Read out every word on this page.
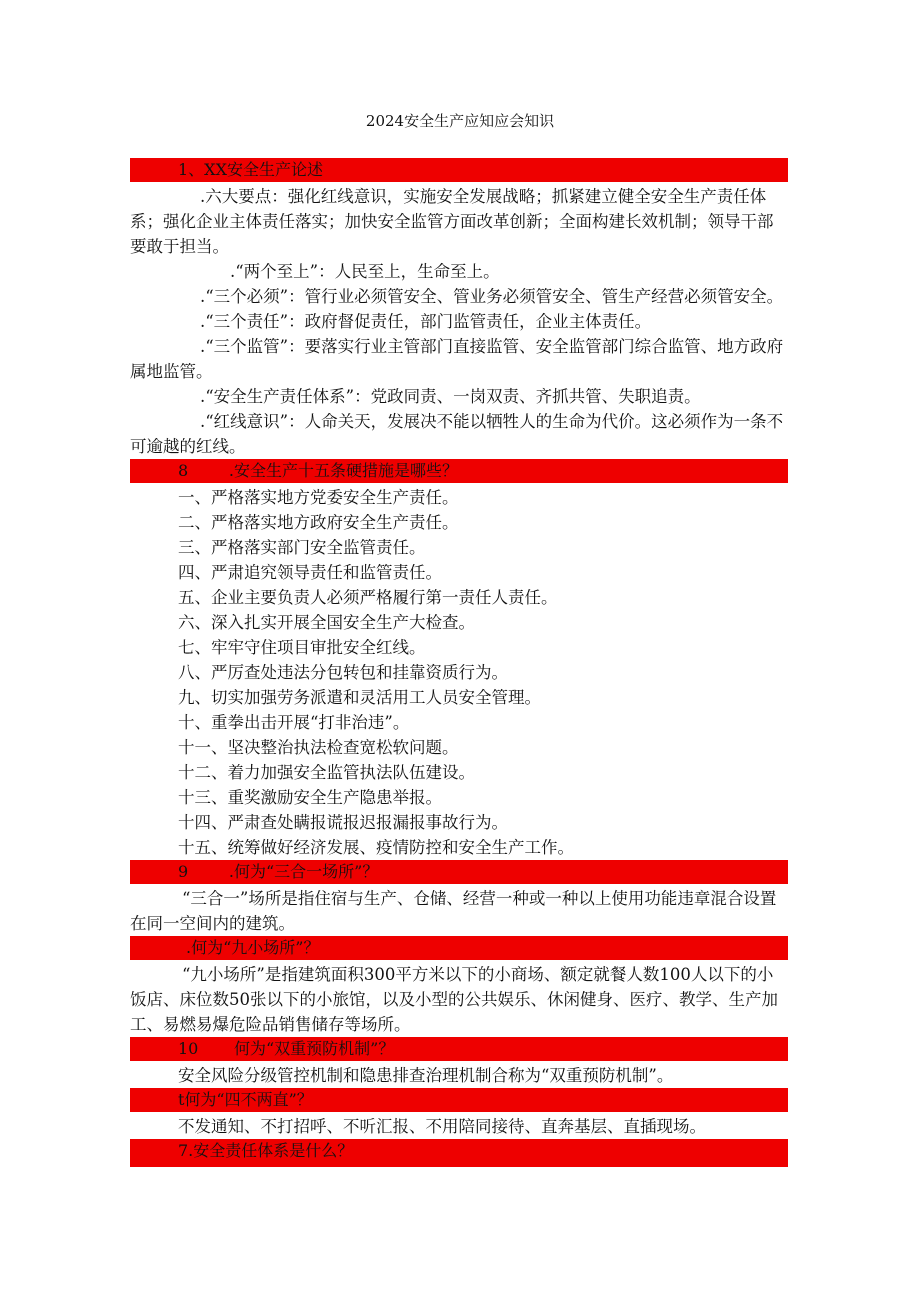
2024安全生产应知应会知识
1、XX安全生产论述

.六大要点：强化红线意识，实施安全发展战略；抓紧建立健全安全生产责任体系；强化企业主体责任落实；加快安全监管方面改革创新；全面构建长效机制；领导干部要敢于担当。

.“两个至上”：人民至上，生命至上。

.“三个必须”：管行业必须管安全、管业务必须管安全、管生产经营必须管安全。

.“三个责任”：政府督促责任，部门监管责任，企业主体责任。

.“三个监管”：要落实行业主管部门直接监管、安全监管部门综合监管、地方政府属地监管。

.“安全生产责任体系”：党政同责、一岗双责、齐抓共管、失职追责。

.“红线意识”：人命关天，发展决不能以牺牲人的生命为代价。这必须作为一条不可逾越的红线。

8        .安全生产十五条硬措施是哪些？

一、严格落实地方党委安全生产责任。

二、严格落实地方政府安全生产责任。

三、严格落实部门安全监管责任。

四、严肃追究领导责任和监管责任。

五、企业主要负责人必须严格履行第一责任人责任。

六、深入扎实开展全国安全生产大检查。

七、牢牢守住项目审批安全红线。

八、严厉查处违法分包转包和挂靠资质行为。

九、切实加强劳务派遣和灵活用工人员安全管理。

十、重拳出击开展“打非治违”。

十一、坚决整治执法检查宽松软问题。

十二、着力加强安全监管执法队伍建设。

十三、重奖激励安全生产隐患举报。

十四、严肃查处瞒报谎报迟报漏报事故行为。

十五、统筹做好经济发展、疫情防控和安全生产工作。

9        .何为“三合一场所”？

“三合一”场所是指住宿与生产、仓储、经营一种或一种以上使用功能违章混合设置在同一空间内的建筑。

.何为“九小场所”？

“九小场所”是指建筑面积300平方米以下的小商场、额定就餐人数100人以下的小饭店、床位数50张以下的小旅馆，以及小型的公共娱乐、休闲健身、医疗、教学、生产加工、易燃易爆危险品销售储存等场所。

10       何为“双重预防机制”？

安全风险分级管控机制和隐患排查治理机制合称为“双重预防机制”。

t何为“四不两直”？

不发通知、不打招呼、不听汇报、不用陪同接待、直奔基层、直插现场。

7.安全责任体系是什么？
